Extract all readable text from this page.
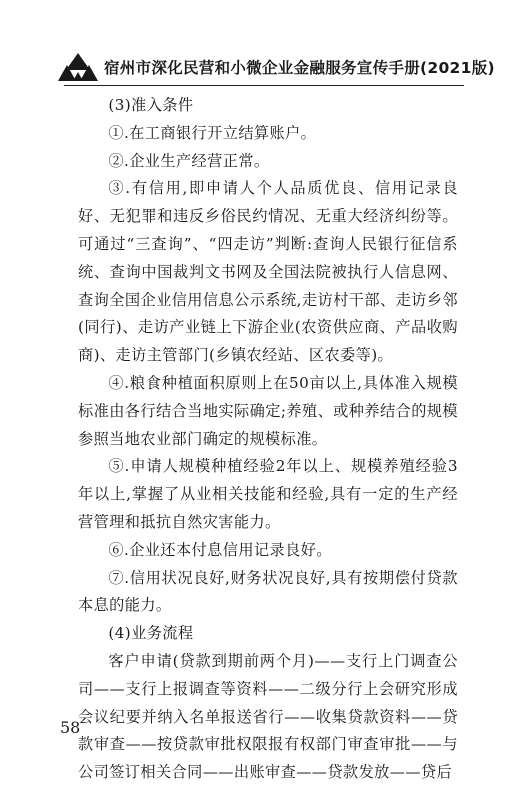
宿州市深化民营和小微企业金融服务宣传手册(2021版)

(3)准入条件

①.在工商银行开立结算账户。

②.企业生产经营正常。

③.有信用,即申请人个人品质优良、信用记录良好、无犯罪和违反乡俗民约情况、无重大经济纠纷等。可通过“三查询”、“四走访”判断:查询人民银行征信系统、查询中国裁判文书网及全国法院被执行人信息网、查询全国企业信用信息公示系统,走访村干部、走访乡邻(同行)、走访产业链上下游企业(农资供应商、产品收购商)、走访主管部门(乡镇农经站、区农委等)。

④.粮食种植面积原则上在50亩以上,具体准入规模标准由各行结合当地实际确定;养殖、或种养结合的规模参照当地农业部门确定的规模标准。

⑤.申请人规模种植经验2年以上、规模养殖经验3年以上,掌握了从业相关技能和经验,具有一定的生产经营管理和抵抗自然灾害能力。

⑥.企业还本付息信用记录良好。

⑦.信用状况良好,财务状况良好,具有按期偿付贷款本息的能力。

(4)业务流程

客户申请(贷款到期前两个月)——支行上门调查公司——支行上报调查等资料——二级分行上会研究形成会议纪要并纳入名单报送省行——收集贷款资料——贷款审查——按贷款审批权限报有权部门审查审批——与公司签订相关合同——出账审查——贷款发放——贷后

58
